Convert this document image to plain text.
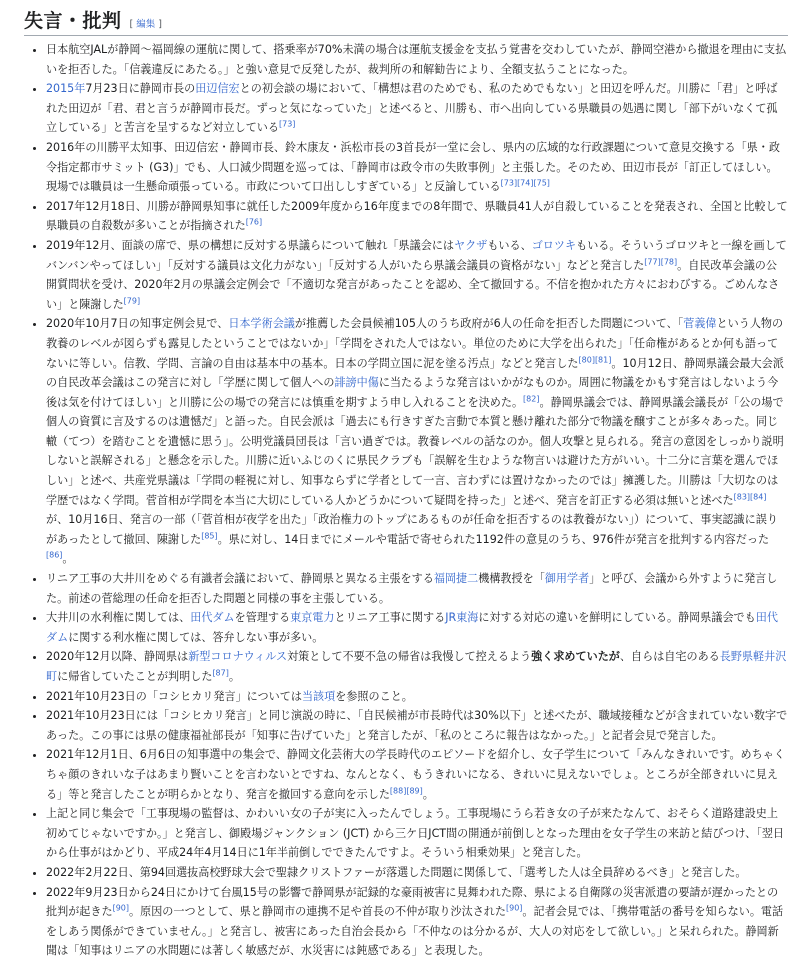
失言・批判 [ 編集 ]
• 日本航空JALが静岡〜福岡線の運航に関して、搭乗率が70%未満の場合は運航支援金を支払う覚書を交わしていたが、静岡空港から撤退を理由に支払いを拒否した。「信義違反にあたる。」と強い意見で反発したが、裁判所の和解勧告により、全額支払うことになった。
• 2015年7月23日に静岡市長の田辺信宏との初会談の場において、「構想は君のためでも、私のためでもない」と田辺を呼んだ。川勝に「君」と呼ばれた田辺が「君、君と言うが静岡市長だ。ずっと気になっていた」と述べると、川勝も、市へ出向している県職員の処遇に関し「部下がいなくて孤立している」と苦言を呈するなど対立している[73]
• 2016年の川勝平太知事、田辺信宏・静岡市長、鈴木康友・浜松市長の3首長が一堂に会し、県内の広域的な行政課題について意見交換する「県・政令指定都市サミット (G3)」でも、人口減少問題を巡っては、「静岡市は政令市の失敗事例」と主張した。そのため、田辺市長が「訂正してほしい。現場では職員は一生懸命頑張っている。市政について口出ししすぎている」と反論している[73][74][75]
• 2017年12月18日、川勝が静岡県知事に就任した2009年度から16年度までの8年間で、県職員41人が自殺していることを発表され、全国と比較して県職員の自殺数が多いことが指摘された[76]
• 2019年12月、面談の席で、県の構想に反対する県議らについて触れ「県議会にはヤクザもいる、ゴロツキもいる。そういうゴロツキと一線を画してバンバンやってほしい」「反対する議員は文化力がない」「反対する人がいたら県議会議員の資格がない」などと発言した[77][78]。自民改革会議の公開質問状を受け、2020年2月の県議会定例会で「不適切な発言があったことを認め、全て撤回する。不信を抱かれた方々におわびする。ごめんなさい」と陳謝した[79]
• 2020年10月7日の知事定例会見で、日本学術会議が推薦した会員候補105人のうち政府が6人の任命を拒否した問題について、「菅義偉という人物の教養のレベルが図らずも露見したということではないか」「学問をされた人ではない。単位のために大学を出られた」「任命権があるとか何も語ってないに等しい。信教、学問、言論の自由は基本中の基本。日本の学問立国に泥を塗る汚点」などと発言した[80][81]。10月12日、静岡県議会最大会派の自民改革会議はこの発言に対し「学歴に関して個人への誹謗中傷に当たるような発言はいかがなものか。周囲に物議をかもす発言はしないよう今後は気を付けてほしい」と川勝に公の場での発言には慎重を期すよう申し入れることを決めた。[82]。静岡県議会では、静岡県議会議長が「公の場で個人の資質に言及するのは遺憾だ」と語った。自民会派は「過去にも行きすぎた言動で本質と懸け離れた部分で物議を醸すことが多々あった。同じ轍（てつ）を踏むことを遺憾に思う」。公明党議員団長は「言い過ぎでは。教養レベルの話なのか。個人攻撃と見られる。発言の意図をしっかり説明しないと誤解される」と懸念を示した。川勝に近いふじのくに県民クラブも「誤解を生むような物言いは避けた方がいい。十二分に言葉を選んでほしい」と述べ、共産党県議は「学問の軽視に対し、知事ならずに学者として一言、言わずには置けなかったのでは」擁護した。川勝は「大切なのは学歴ではなく学問。菅首相が学問を本当に大切にしている人かどうかについて疑問を持った」と述べ、発言を訂正する必須は無いと述べた[83][84]が、10月16日、発言の一部（「菅首相が夜学を出た」「政治権力のトップにあるものが任命を拒否するのは教養がない」）について、事実認識に誤りがあったとして撤回、陳謝した[85]。県に対し、14日までにメールや電話で寄せられた1192件の意見のうち、976件が発言を批判する内容だった[86]。
• リニア工事の大井川をめぐる有識者会議において、静岡県と異なる主張をする福岡捷二機構教授を「御用学者」と呼び、会議から外すように発言した。前述の菅総理の任命を拒否した問題と同様の事を主張している。
• 大井川の水利権に関しては、田代ダムを管理する東京電力とリニア工事に関するJR東海に対する対応の違いを鮮明にしている。静岡県議会でも田代ダムに関する利水権に関しては、答弁しない事が多い。
• 2020年12月以降、静岡県は新型コロナウィルス対策として不要不急の帰省は我慢して控えるよう強く求めていたが、自らは自宅のある長野県軽井沢町に帰省していたことが判明した[87]。
• 2021年10月23日の「コシヒカリ発言」については当該項を参照のこと。
• 2021年10月23日には「コシヒカリ発言」と同じ演説の時に、「自民候補が市長時代は30%以下」と述べたが、職域接種などが含まれていない数字であった。この事には県の健康福祉部長が「知事に告げていた」と発言したが、「私のところに報告はなかった。」と記者会見で発言した。
• 2021年12月1日、6月6日の知事選中の集会で、静岡文化芸術大の学長時代のエピソードを紹介し、女子学生について「みんなきれいです。めちゃくちゃ顔のきれいな子はあまり賢いことを言わないとですね、なんとなく、もうきれいになる、きれいに見えないでしょ。ところが全部きれいに見える」等と発言したことが明らかとなり、発言を撤回する意向を示した[88][89]。
• 上記と同じ集会で「工事現場の監督は、かわいい女の子が実に入ったんでしょう。工事現場にうら若き女の子が来たなんて、おそらく道路建設史上初めてじゃないですか。」と発言し、御殿場ジャンクション (JCT) から三ケ日JCT間の開通が前倒しとなった理由を女子学生の来訪と結びつけ、「翌日から仕事がはかどり、平成24年4月14日に1年半前倒しでできたんですよ。そういう相乗効果」と発言した。
• 2022年2月22日、第94回選抜高校野球大会で聖隷クリストファーが落選した問題に関係して、「選考した人は全員辞めるべき」と発言した。
• 2022年9月23日から24日にかけて台風15号の影響で静岡県が記録的な豪雨被害に見舞われた際、県による自衛隊の災害派遣の要請が遅かったとの批判が起きた[90]。原因の一つとして、県と静岡市の連携不足や首長の不仲が取り沙汰された[90]。記者会見では、「携帯電話の番号を知らない。電話をしあう関係ができていません。」と発言し、被害にあった自治会長から「不仲なのは分かるが、大人の対応をして欲しい。」と呆れられた。静岡新聞は「知事はリニアの水問題には著しく敏感だが、水災害には鈍感である」と表現した。
